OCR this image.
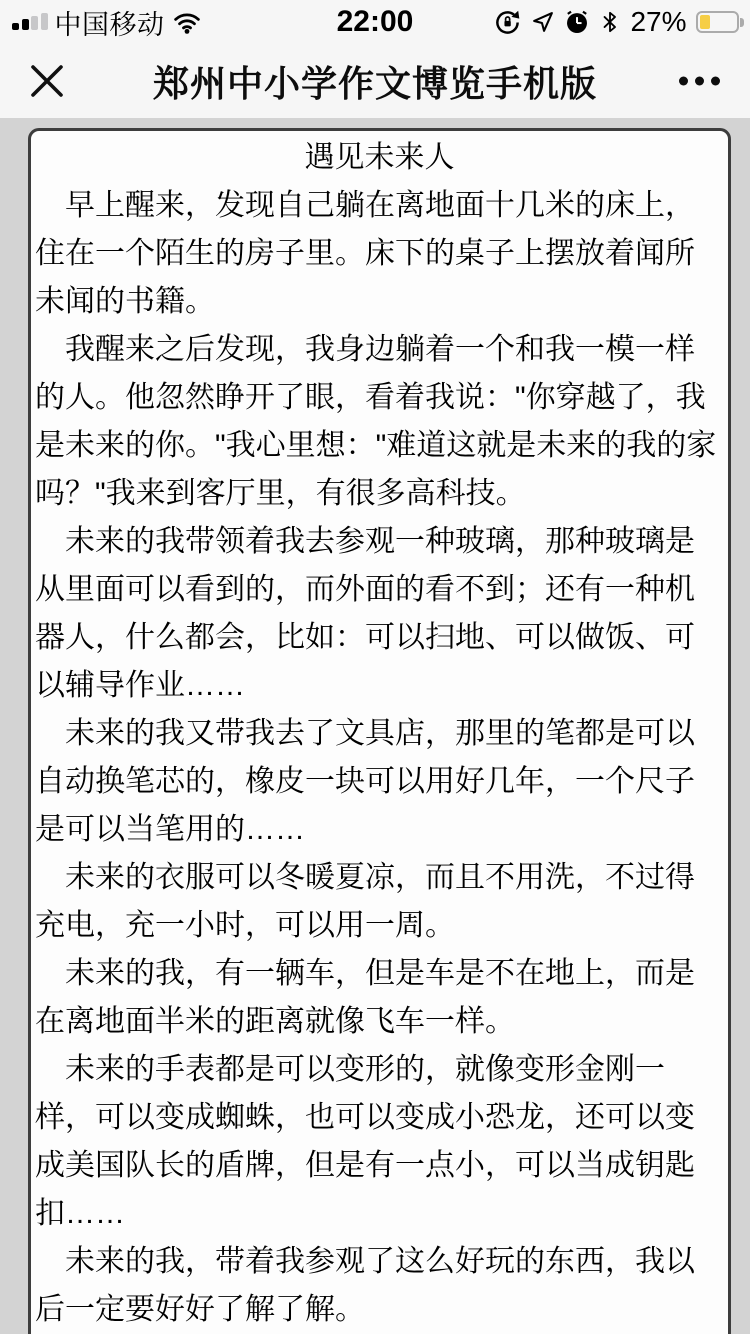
中国移动	22:00	27%
郑州中小学作文博览手机版
遇见未来人

早上醒来，发现自己躺在离地面十几米的床上，住在一个陌生的房子里。床下的桌子上摆放着闻所未闻的书籍。

我醒来之后发现，我身边躺着一个和我一模一样的人。他忽然睁开了眼，看着我说："你穿越了，我是未来的你。"我心里想："难道这就是未来的我的家吗？"我来到客厅里，有很多高科技。

未来的我带领着我去参观一种玻璃，那种玻璃是从里面可以看到的，而外面的看不到；还有一种机器人，什么都会，比如：可以扫地、可以做饭、可以辅导作业……

未来的我又带我去了文具店，那里的笔都是可以自动换笔芯的，橡皮一块可以用好几年，一个尺子是可以当笔用的……

未来的衣服可以冬暖夏凉，而且不用洗，不过得充电，充一小时，可以用一周。

未来的我，有一辆车，但是车是不在地上，而是在离地面半米的距离就像飞车一样。

未来的手表都是可以变形的，就像变形金刚一样，可以变成蜘蛛，也可以变成小恐龙，还可以变成美国队长的盾牌，但是有一点小，可以当成钥匙扣……

未来的我，带着我参观了这么好玩的东西，我以后一定要好好了解了解。
